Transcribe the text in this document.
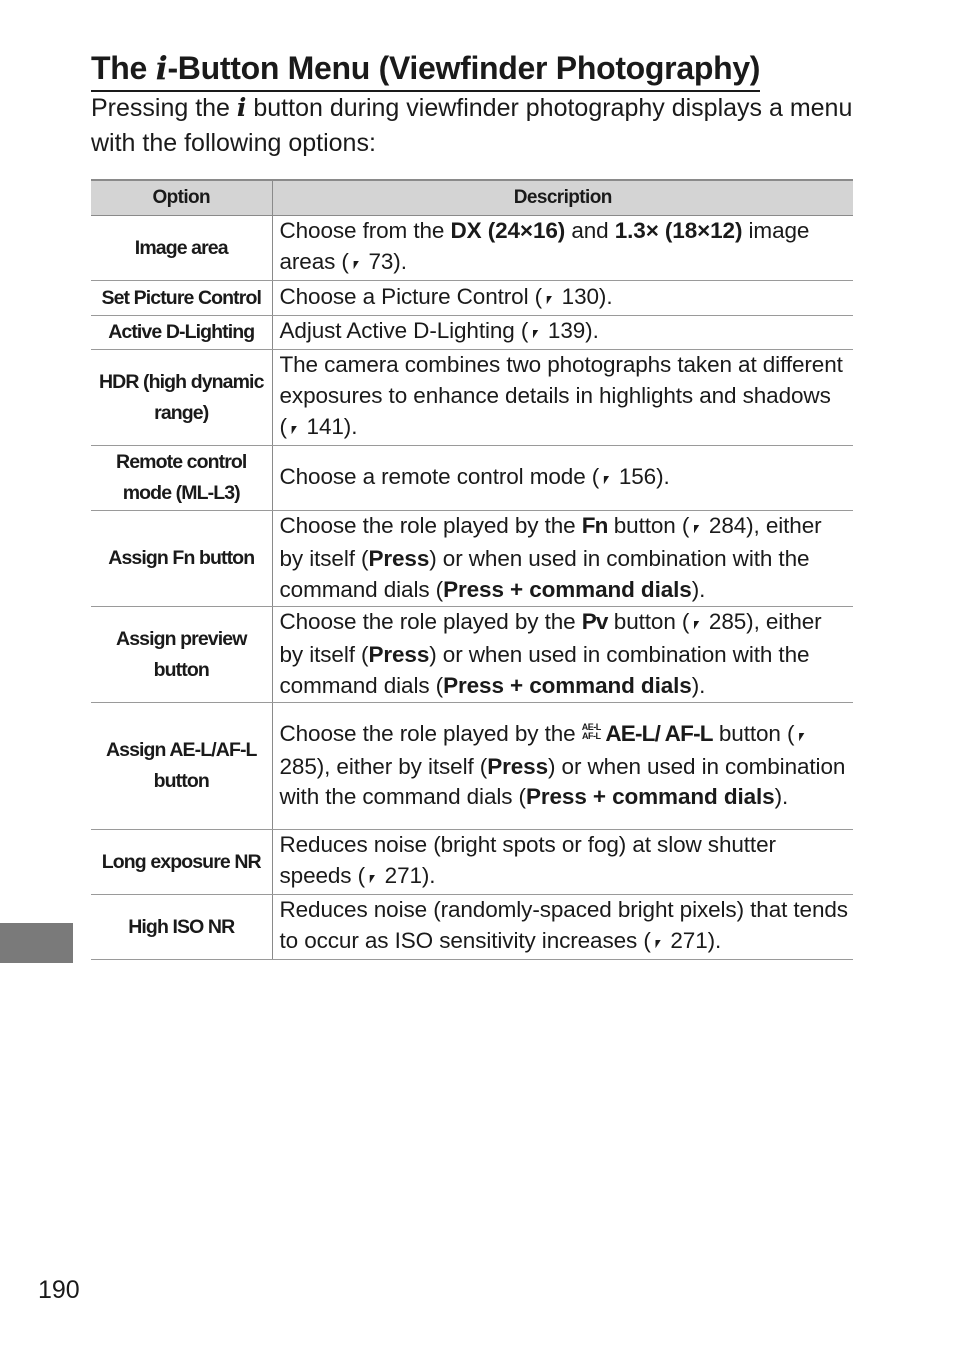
The i-Button Menu (Viewfinder Photography)

Pressing the i button during viewfinder photography displays a menu with the following options:

Option	Description
Image area	Choose from the DX (24×16) and 1.3× (18×12) image areas (⎖ 73).
Set Picture Control	Choose a Picture Control (⎖ 130).
Active D-Lighting	Adjust Active D-Lighting (⎖ 139).
HDR (high dynamic range)	The camera combines two photographs taken at different exposures to enhance details in highlights and shadows (⎖ 141).
Remote control mode (ML-L3)	Choose a remote control mode (⎖ 156).
Assign Fn button	Choose the role played by the Fn button (⎖ 284), either by itself (Press) or when used in combination with the command dials (Press + command dials).
Assign preview button	Choose the role played by the Pv button (⎖ 285), either by itself (Press) or when used in combination with the command dials (Press + command dials).
Assign AE-L/AF-L button	Choose the role played by the AE-L
AF-L AE-L/ AF-L button (⎖ 285), either by itself (Press) or when used in combination with the command dials (Press + command dials).
Long exposure NR	Reduces noise (bright spots or fog) at slow shutter speeds (⎖ 271).
High ISO NR	Reduces noise (randomly-spaced bright pixels) that tends to occur as ISO sensitivity increases (⎖ 271).
190
